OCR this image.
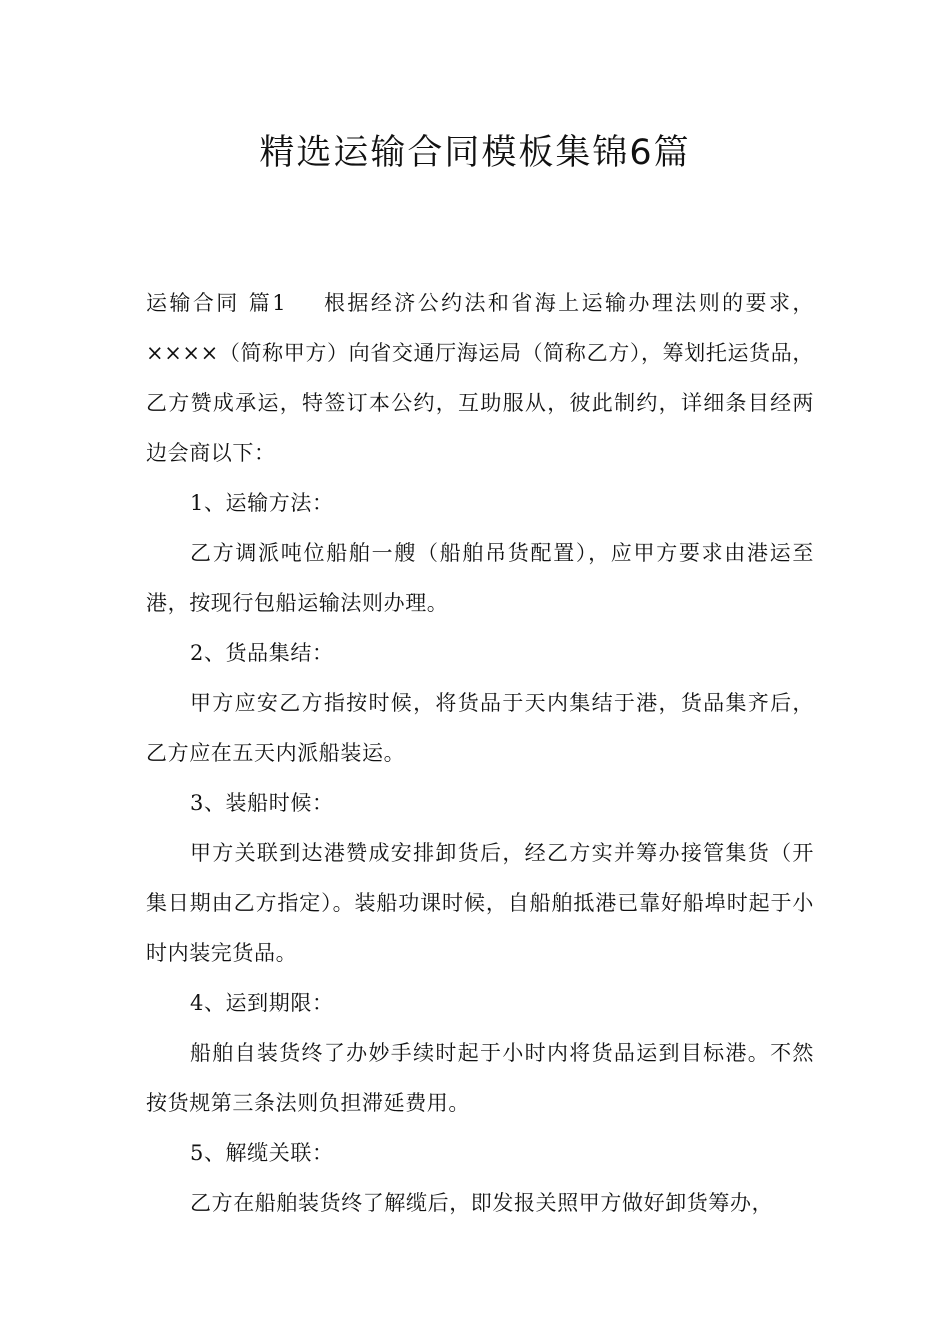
精选运输合同模板集锦6篇

运输合同 篇1 根据经济公约法和省海上运输办理法则的要求，××××（简称甲方）向省交通厅海运局（简称乙方），筹划托运货品，乙方赞成承运，特签订本公约，互助服从，彼此制约，详细条目经两边会商以下：

1、运输方法：

乙方调派吨位船舶一艘（船舶吊货配置），应甲方要求由港运至港，按现行包船运输法则办理。

2、货品集结：

甲方应安乙方指按时候，将货品于天内集结于港，货品集齐后，乙方应在五天内派船装运。

3、装船时候：

甲方关联到达港赞成安排卸货后，经乙方实并筹办接管集货（开集日期由乙方指定）。装船功课时候，自船舶抵港已靠好船埠时起于小时内装完货品。

4、运到期限：

船舶自装货终了办妙手续时起于小时内将货品运到目标港。不然按货规第三条法则负担滞延费用。

5、解缆关联：

乙方在船舶装货终了解缆后，即发报关照甲方做好卸货筹办，
